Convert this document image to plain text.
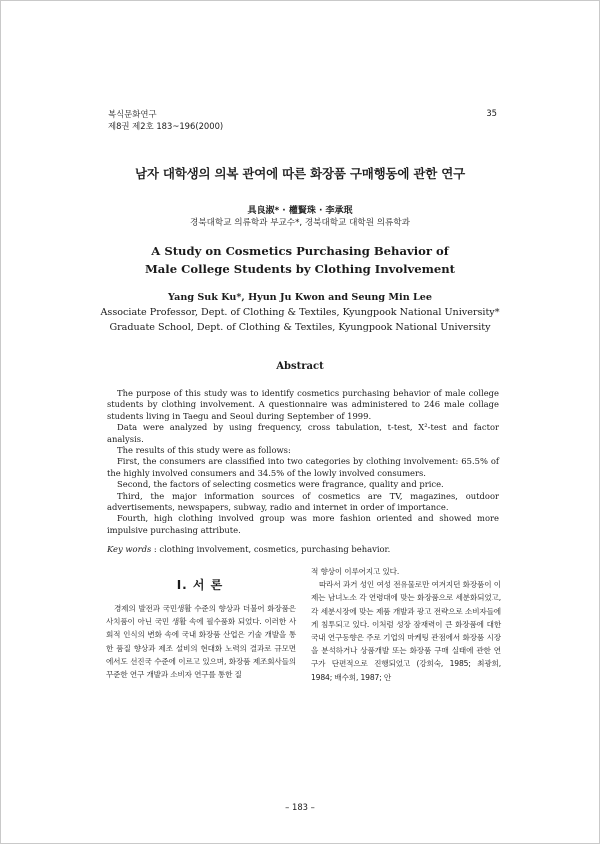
복식문화연구
제8권 제2호 183~196(2000)
35
남자 대학생의 의복 관여에 따른 화장품 구매행동에 관한 연구
具良淑* · 權賢珠 · 李承珉
경북대학교 의류학과 부교수*, 경북대학교 대학원 의류학과
A Study on Cosmetics Purchasing Behavior of
Male College Students by Clothing Involvement
Yang Suk Ku*, Hyun Ju Kwon and Seung Min Lee
Associate Professor, Dept. of Clothing & Textiles, Kyungpook National University*
Graduate School, Dept. of Clothing & Textiles, Kyungpook National University
Abstract

The purpose of this study was to identify cosmetics purchasing behavior of male college students by clothing involvement. A questionnaire was administered to 246 male collage students living in Taegu and Seoul during September of 1999.

Data were analyzed by using frequency, cross tabulation, t-test, X²-test and factor analysis.

The results of this study were as follows:

First, the consumers are classified into two categories by clothing involvement: 65.5% of the highly involved consumers and 34.5% of the lowly involved consumers.

Second, the factors of selecting cosmetics were fragrance, quality and price.

Third, the major information sources of cosmetics are TV, magazines, outdoor advertisements, newspapers, subway, radio and internet in order of importance.

Fourth, high clothing involved group was more fashion oriented and showed more impulsive purchasing attribute.

Key words : clothing involvement, cosmetics, purchasing behavior.
I. 서 론

경제의 발전과 국민생활 수준의 향상과 더불어 화장품은 사치품이 아닌 국민 생활 속에 필수품화 되었다. 이러한 사회적 인식의 변화 속에 국내 화장품 산업은 기술 개발을 통한 품질 향상과 제조 설비의 현대화 노력의 결과로 규모면에서도 선진국 수준에 이르고 있으며, 화장품 제조회사들의 꾸준한 연구 개발과 소비자 연구를 통한 질

적 향상이 이루어지고 있다.

따라서 과거 성인 여성 전유물로만 여겨지던 화장품이 이제는 남녀노소 각 연령대에 맞는 화장품으로 세분화되었고, 각 세분시장에 맞는 제품 개발과 광고 전략으로 소비자들에게 침투되고 있다. 이처럼 성장 잠재력이 큰 화장품에 대한 국내 연구동향은 주로 기업의 마케팅 관점에서 화장품 시장을 분석하거나 상품개발 또는 화장품 구매 실태에 관한 연구가 단편적으로 진행되었고 (강희숙, 1985; 최광희, 1984; 배수희, 1987; 안

– 183 –
